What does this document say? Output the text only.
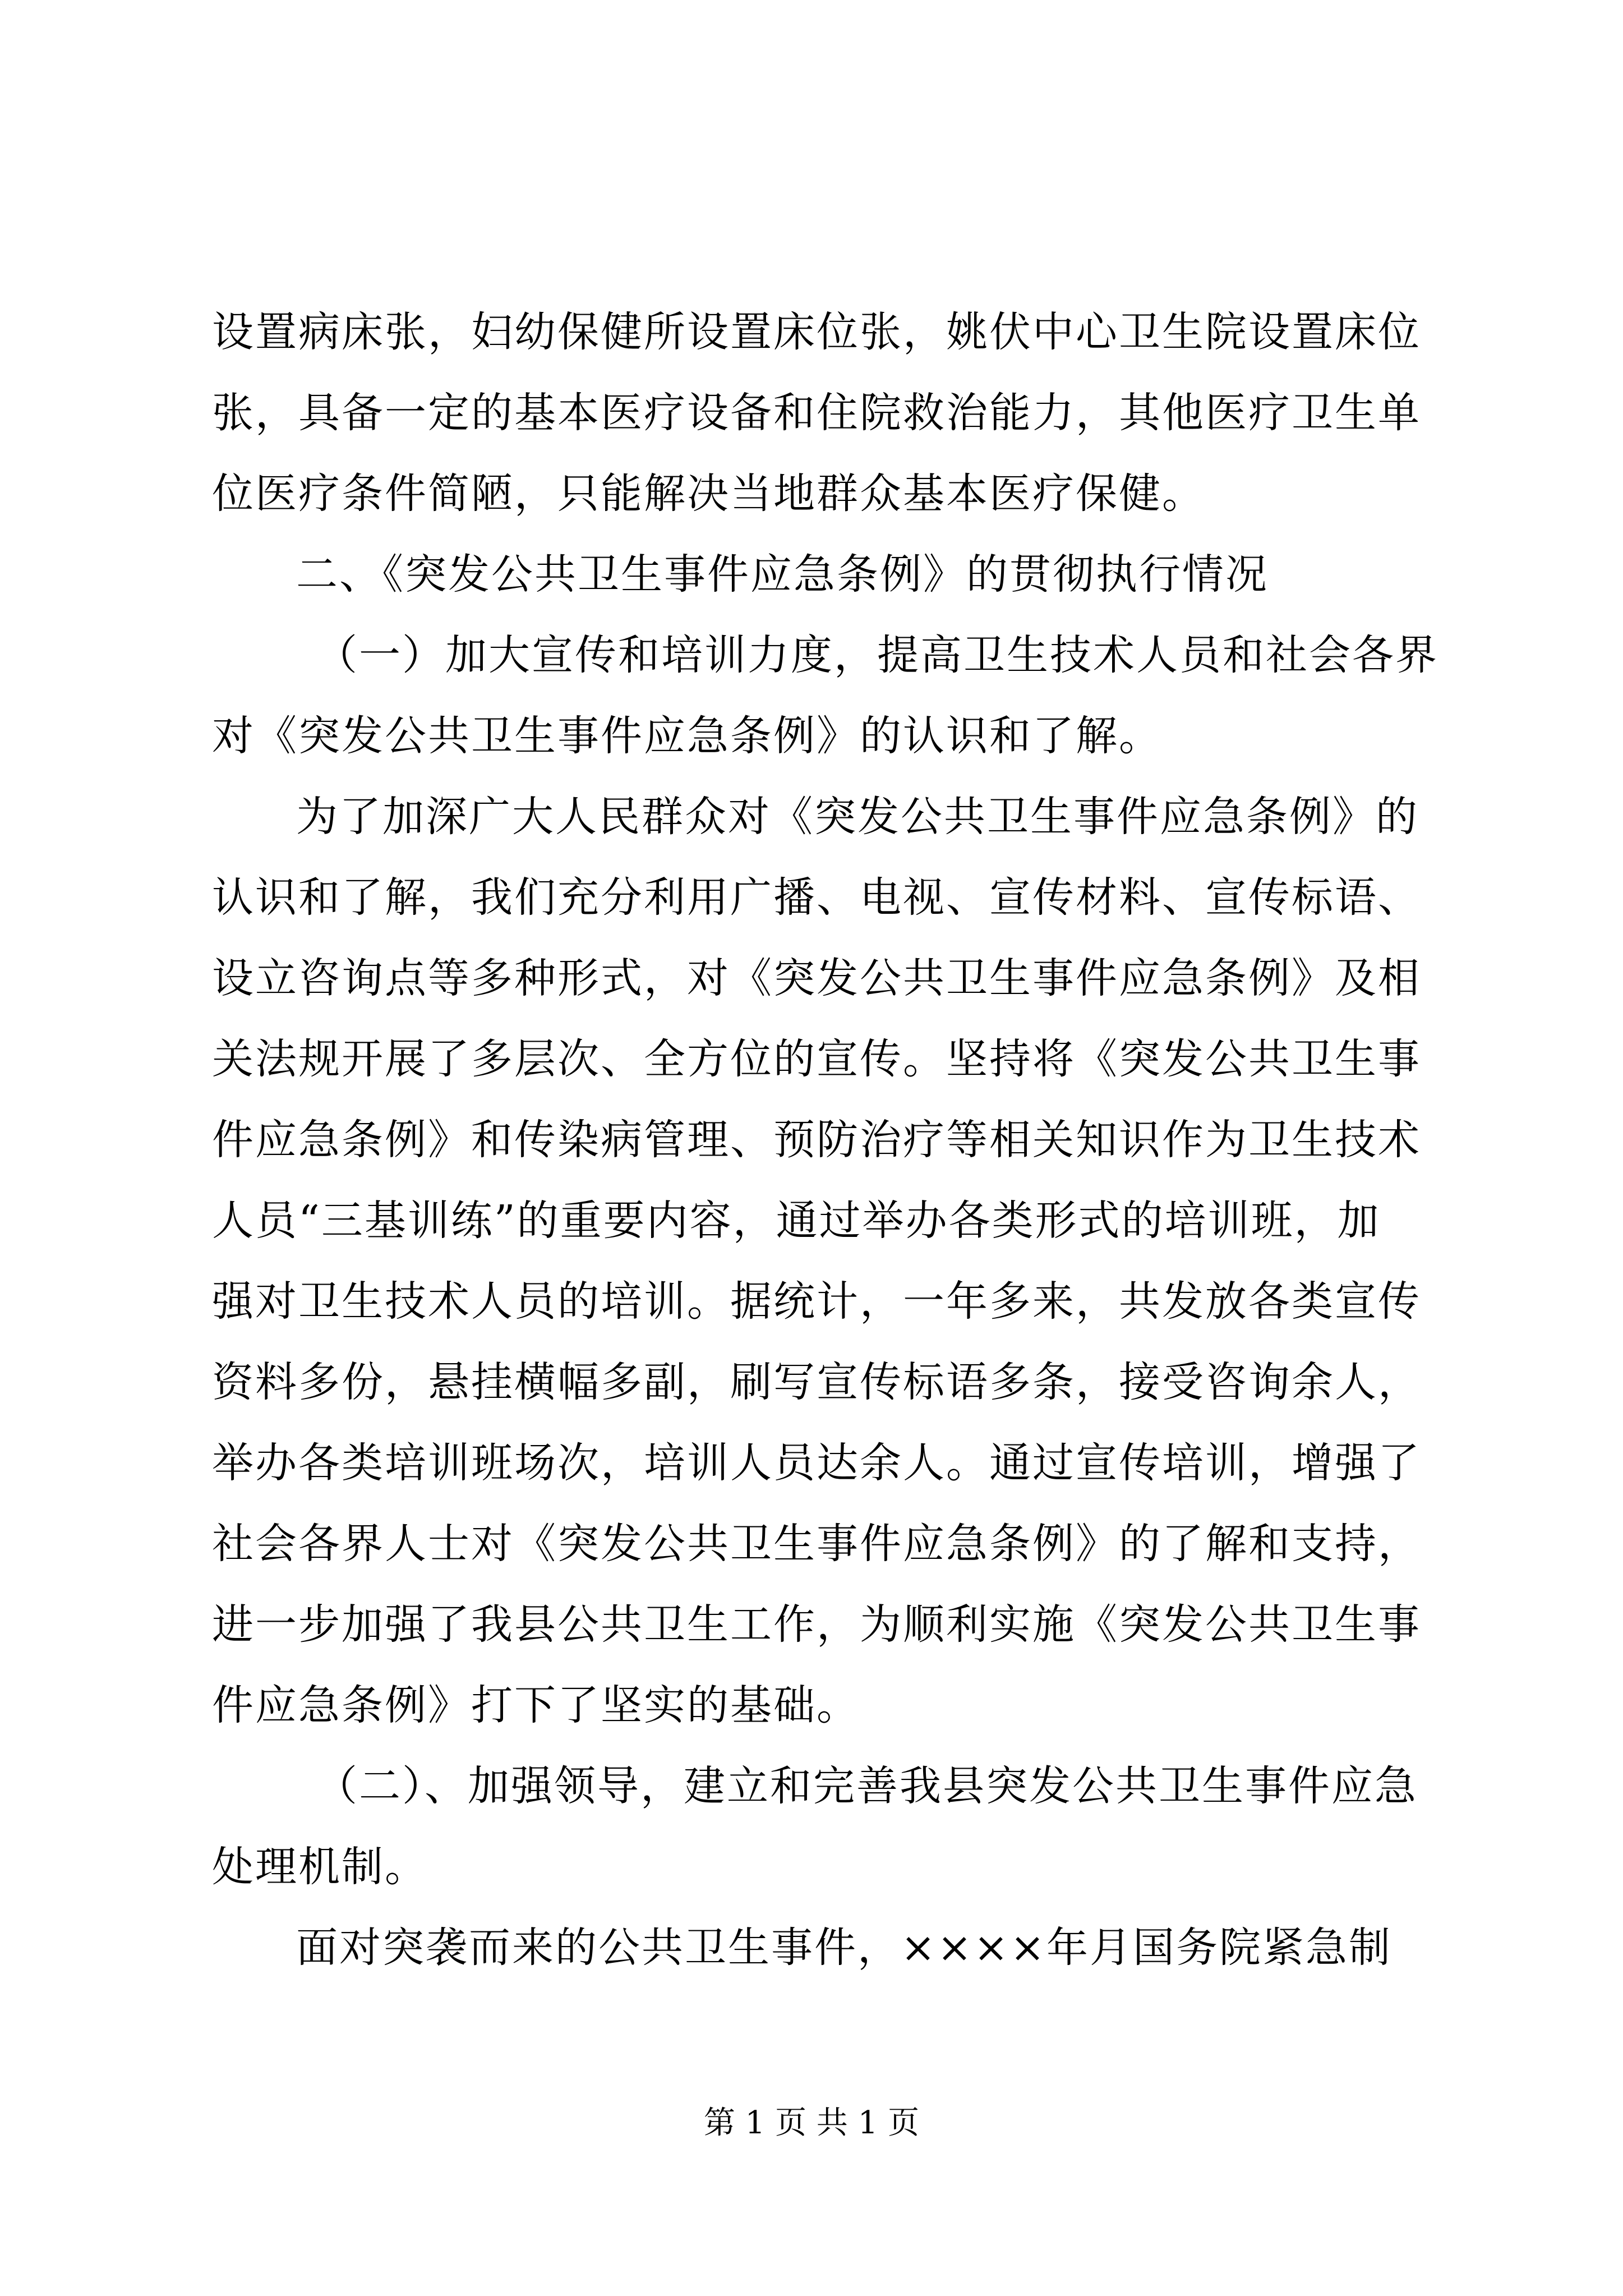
设置病床张，妇幼保健所设置床位张，姚伏中心卫生院设置床位
张，具备一定的基本医疗设备和住院救治能力，其他医疗卫生单
位医疗条件简陋，只能解决当地群众基本医疗保健。
二、《突发公共卫生事件应急条例》的贯彻执行情况
（一）加大宣传和培训力度，提高卫生技术人员和社会各界
对《突发公共卫生事件应急条例》的认识和了解。
为了加深广大人民群众对《突发公共卫生事件应急条例》的
认识和了解，我们充分利用广播、电视、宣传材料、宣传标语、
设立咨询点等多种形式，对《突发公共卫生事件应急条例》及相
关法规开展了多层次、全方位的宣传。坚持将《突发公共卫生事
件应急条例》和传染病管理、预防治疗等相关知识作为卫生技术
人员“三基训练”的重要内容，通过举办各类形式的培训班，加
强对卫生技术人员的培训。据统计，一年多来，共发放各类宣传
资料多份，悬挂横幅多副，刷写宣传标语多条，接受咨询余人，
举办各类培训班场次，培训人员达余人。通过宣传培训，增强了
社会各界人士对《突发公共卫生事件应急条例》的了解和支持，
进一步加强了我县公共卫生工作，为顺利实施《突发公共卫生事
件应急条例》打下了坚实的基础。
（二）、加强领导，建立和完善我县突发公共卫生事件应急
处理机制。
面对突袭而来的公共卫生事件，××××年月国务院紧急制
第 1 页 共 1 页
